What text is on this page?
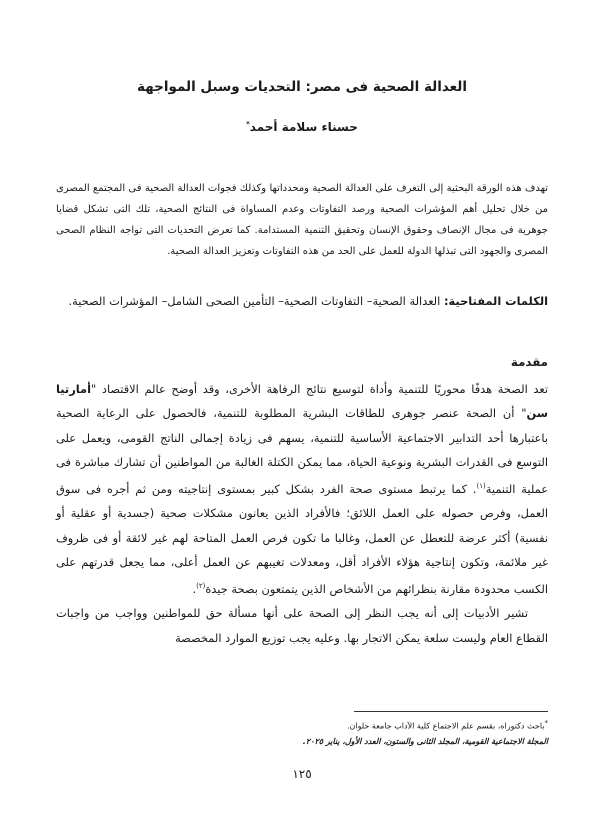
العدالة الصحية فى مصر: التحديات وسبل المواجهة
حسناء سلامة أحمد*
تهدف هذه الورقة البحثية إلى التعرف على العدالة الصحية ومحدداتها وكذلك فجوات العدالة الصحية فى المجتمع المصرى من خلال تحليل أهم المؤشرات الصحية ورصد التفاوتات وعدم المساواة فى النتائج الصحية، تلك التى تشكل قضايا جوهرية فى مجال الإنصاف وحقوق الإنسان وتحقيق التنمية المستدامة. كما تعرض التحديات التى تواجه النظام الصحى المصرى والجهود التى تبذلها الدولة للعمل على الحد من هذه التفاوتات وتعزيز العدالة الصحية.
الكلمات المفتاحية: العدالة الصحية– التفاوتات الصحية– التأمين الصحى الشامل– المؤشرات الصحية.
مقدمة

تعد الصحة هدفًا محوريًا للتنمية وأداة لتوسيع نتائج الرفاهة الأخرى، وقد أوضح عالم الاقتصاد "أمارتيا سن" أن الصحة عنصر جوهرى للطاقات البشرية المطلوبة للتنمية، فالحصول على الرعاية الصحية باعتبارها أحد التدابير الاجتماعية الأساسية للتنمية، يسهم فى زيادة إجمالى الناتج القومى، ويعمل على التوسع فى القدرات البشرية ونوعية الحياة، مما يمكن الكتلة الغالبة من المواطنين أن تشارك مباشرة فى عملية التنمية$^{(١)}$. كما يرتبط مستوى صحة الفرد بشكل كبير بمستوى إنتاجيته ومن ثم أجره فى سوق العمل، وفرص حصوله على العمل اللائق؛ فالأفراد الذين يعانون مشكلات صحية (جسدية أو عقلية أو نفسية) أكثر عرضة للتعطل عن العمل، وغالبا ما تكون فرص العمل المتاحة لهم غير لائقة أو فى ظروف غير ملائمة، وتكون إنتاجية هؤلاء الأفراد أقل، ومعدلات تغيبهم عن العمل أعلى، مما يجعل قدرتهم على الكسب محدودة مقارنة بنظرائهم من الأشخاص الذين يتمتعون بصحة جيدة$^{(٢)}$.

تشير الأدبيات إلى أنه يجب النظر إلى الصحة على أنها مسألة حق للمواطنين وواجب من واجبات القطاع العام وليست سلعة يمكن الاتجار بها. وعليه يجب توزيع الموارد المخصصة

*باحث دكتوراه، بقسم علم الاجتماع كلية الآداب جامعة حلوان.
المجلة الاجتماعية القومية، المجلد الثانى والستون، العدد الأول، يناير ٢٠٢٥.
١٢٥
